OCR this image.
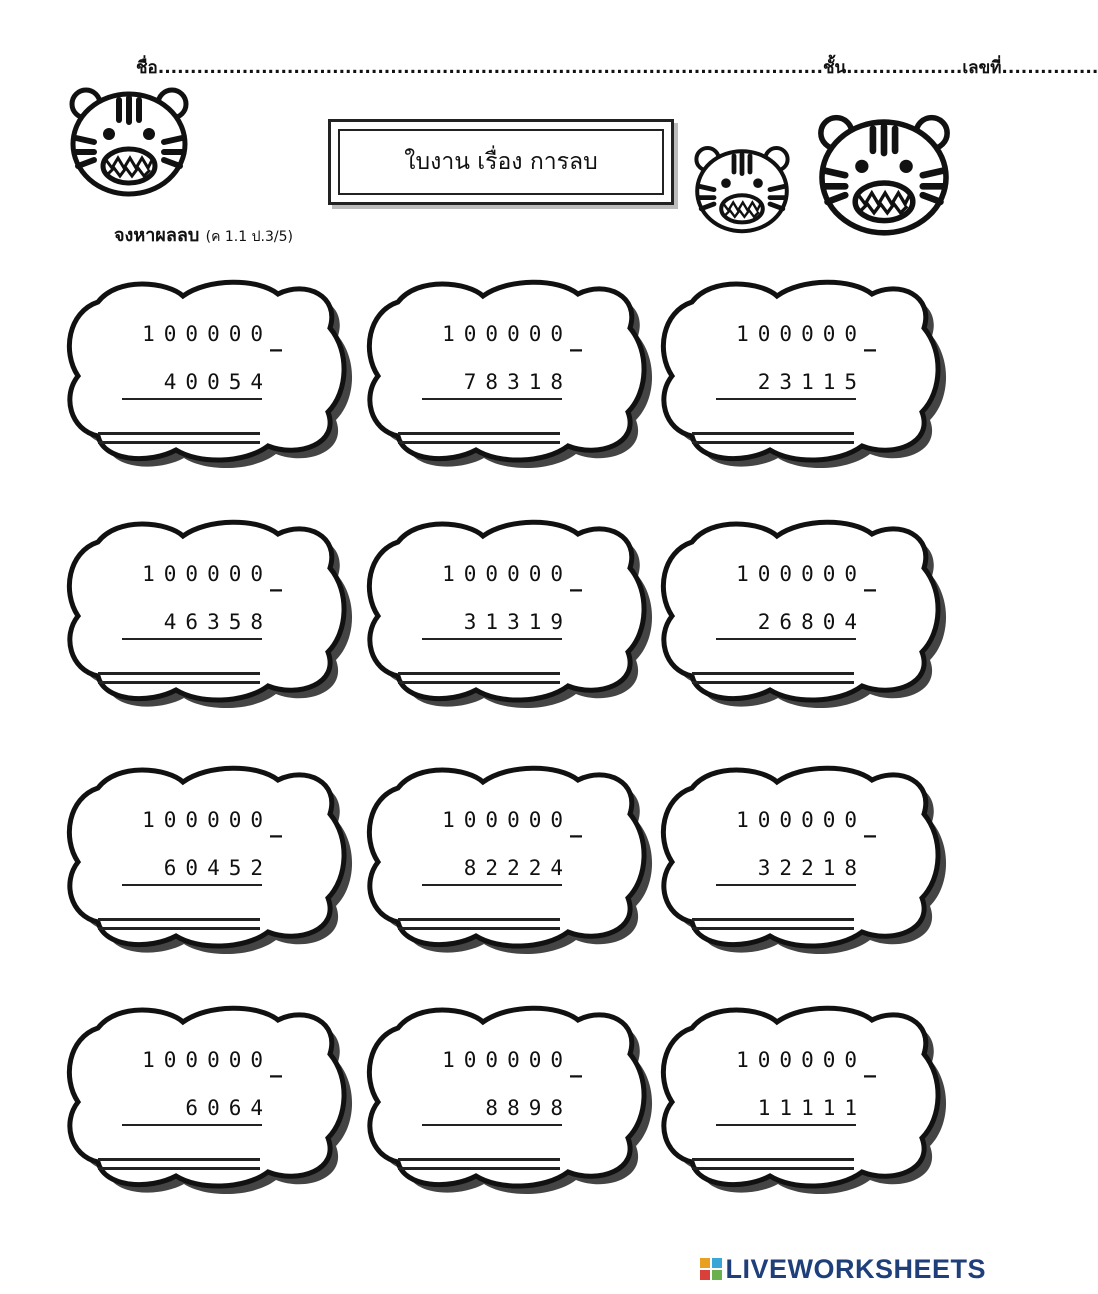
ชื่อ.......................................................................................................ชั้น..................เลขที่...............
ใบงาน เรื่อง การลบ
จงหาผลลบ (ค 1.1 ป.3/5)
100000
_
40054
100000
_
78318
100000
_
23115
100000
_
46358
100000
_
31319
100000
_
26804
100000
_
60452
100000
_
82224
100000
_
32218
100000
_
6064
100000
_
8898
100000
_
11111
LIVEWORKSHEETS
